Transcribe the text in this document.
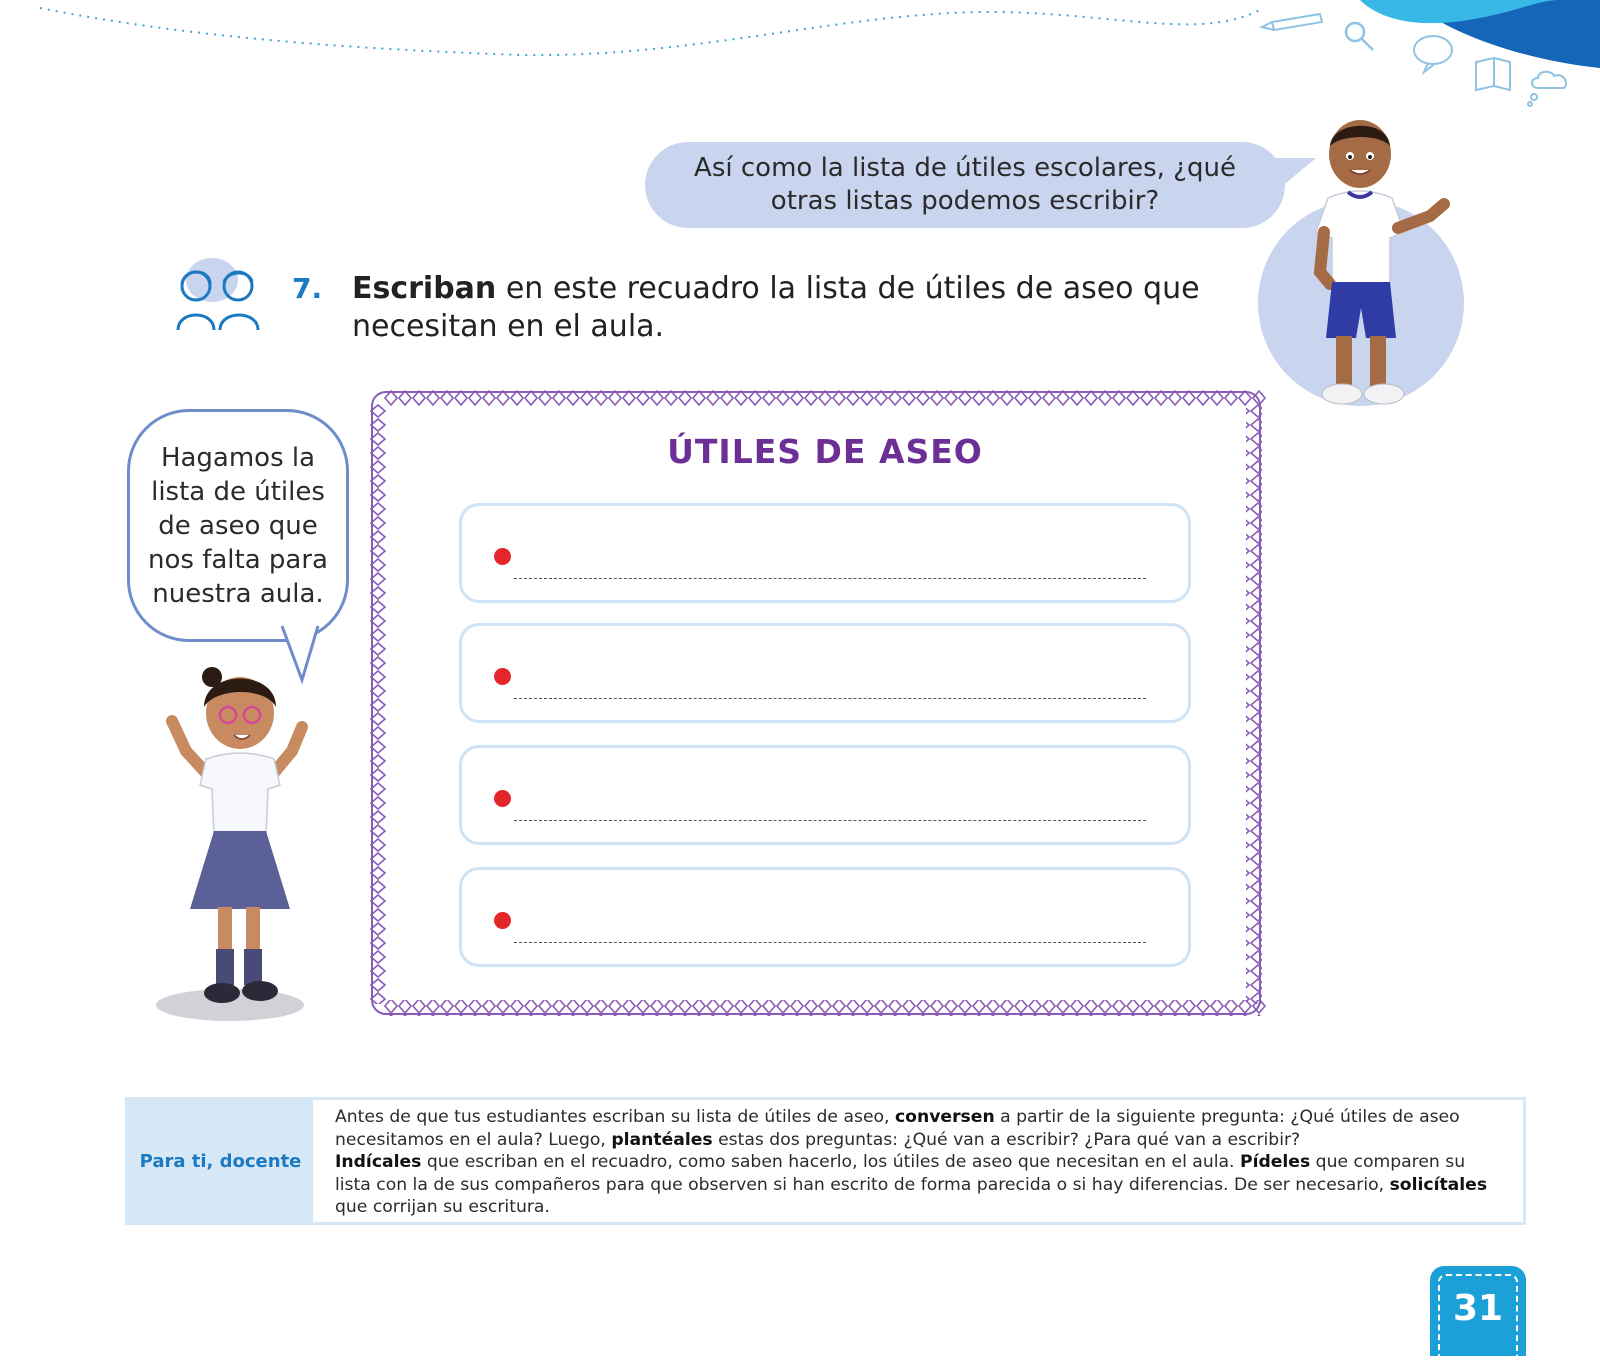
Así como la lista de útiles escolares, ¿qué
otras listas podemos escribir?
7. Escriban en este recuadro la lista de útiles de aseo que
necesitan en el aula.
Hagamos la
lista de útiles
de aseo que
nos falta para
nuestra aula.
ÚTILES DE ASEO
Para ti, docente
Antes de que tus estudiantes escriban su lista de útiles de aseo, conversen a partir de la siguiente pregunta: ¿Qué útiles de aseo necesitamos en el aula? Luego, plantéales estas dos preguntas: ¿Qué van a escribir? ¿Para qué van a escribir?
Indícales que escriban en el recuadro, como saben hacerlo, los útiles de aseo que necesitan en el aula. Pídeles que comparen su lista con la de sus compañeros para que observen si han escrito de forma parecida o si hay diferencias. De ser necesario, solicítales que corrijan su escritura.
31
